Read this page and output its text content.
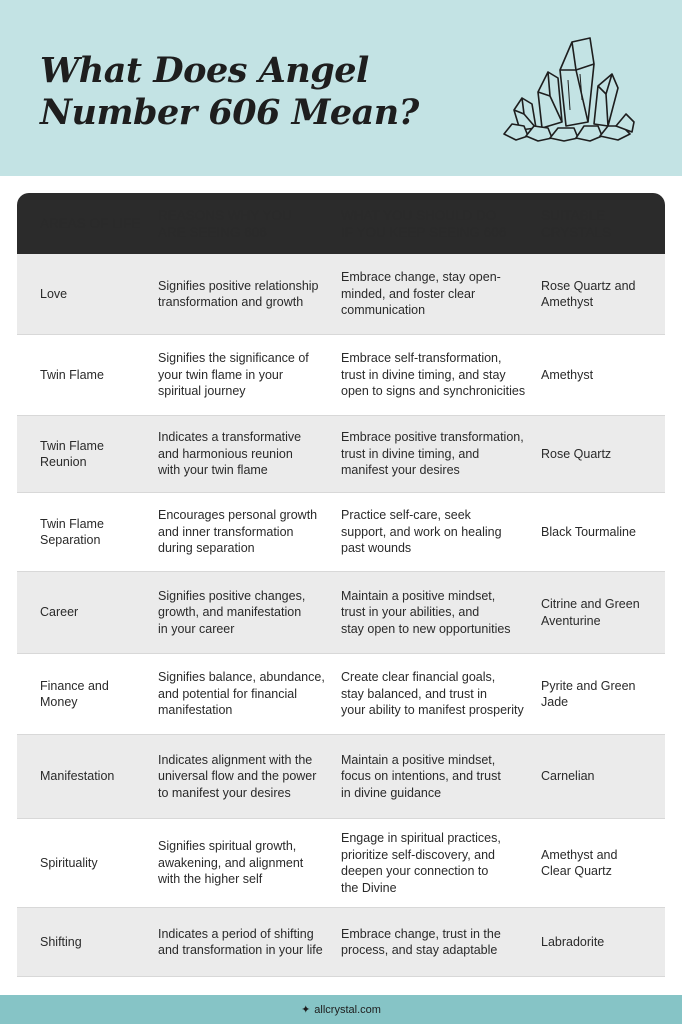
What Does Angel
Number 606 Mean?
AREAS OF LIFE
REASONS WHY YOU
ARE SEEING 606
WHAT YOU SHOULD DO
IF YOU KEEP SEEING 606
SUITABLE
CRYSTALS
Love
Signifies positive relationship
transformation and growth
Embrace change, stay open-
minded, and foster clear
communication
Rose Quartz and
Amethyst
Twin Flame
Signifies the significance of
your twin flame in your
spiritual journey
Embrace self-transformation,
trust in divine timing, and stay
open to signs and synchronicities
Amethyst
Twin Flame
Reunion
Indicates a transformative
and harmonious reunion
with your twin flame
Embrace positive transformation,
trust in divine timing, and
manifest your desires
Rose Quartz
Twin Flame
Separation
Encourages personal growth
and inner transformation
during separation
Practice self-care, seek
support, and work on healing
past wounds
Black Tourmaline
Career
Signifies positive changes,
growth, and manifestation
in your career
Maintain a positive mindset,
trust in your abilities, and
stay open to new opportunities
Citrine and Green
Aventurine
Finance and
Money
Signifies balance, abundance,
and potential for financial
manifestation
Create clear financial goals,
stay balanced, and trust in
your ability to manifest prosperity
Pyrite and Green Jade
Manifestation
Indicates alignment with the
universal flow and the power
to manifest your desires
Maintain a positive mindset,
focus on intentions, and trust
in divine guidance
Carnelian
Spirituality
Signifies spiritual growth,
awakening, and alignment
with the higher self
Engage in spiritual practices,
prioritize self-discovery, and
deepen your connection to
the Divine
Amethyst and
Clear Quartz
Shifting
Indicates a period of shifting
and transformation in your life
Embrace change, trust in the
process, and stay adaptable
Labradorite
✦ allcrystal.com
